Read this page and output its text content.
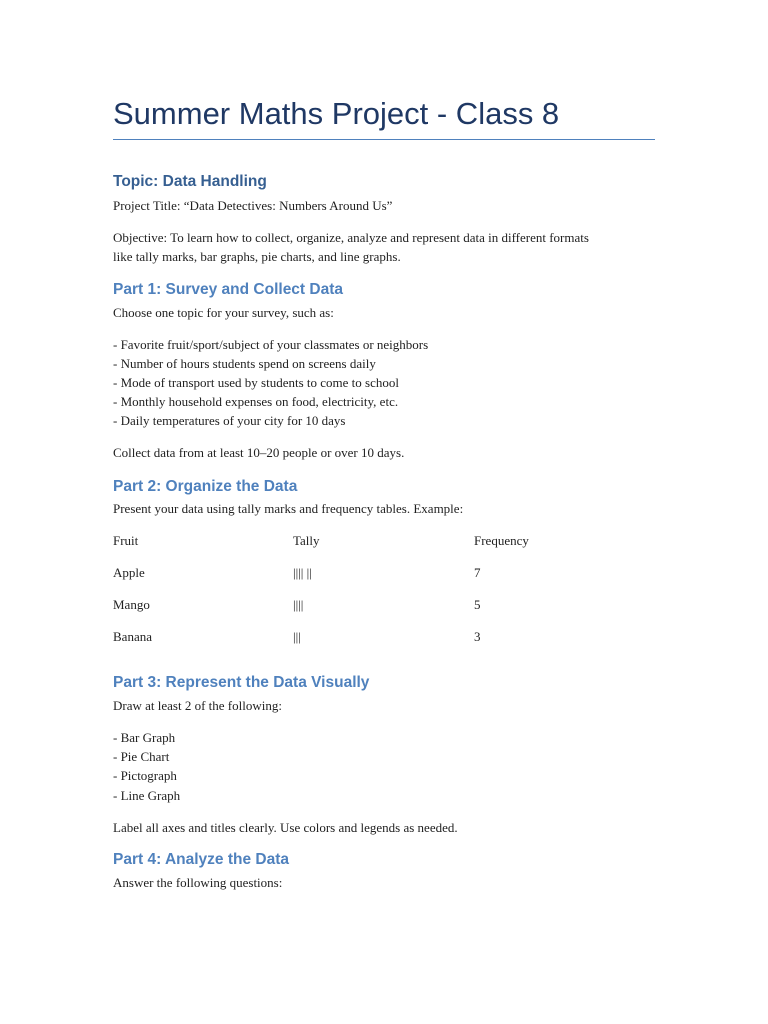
Summer Maths Project - Class 8
Topic: Data Handling

Project Title: “Data Detectives: Numbers Around Us”

Objective: To learn how to collect, organize, analyze and represent data in different formats

like tally marks, bar graphs, pie charts, and line graphs.

Part 1: Survey and Collect Data

Choose one topic for your survey, such as:

- Favorite fruit/sport/subject of your classmates or neighbors

- Number of hours students spend on screens daily

- Mode of transport used by students to come to school

- Monthly household expenses on food, electricity, etc.

- Daily temperatures of your city for 10 days

Collect data from at least 10–20 people or over 10 days.

Part 2: Organize the Data

Present your data using tally marks and frequency tables. Example:

Fruit	Tally	Frequency

Apple	|||| ||	7

Mango	||||	5

Banana	|||	3

Part 3: Represent the Data Visually

Draw at least 2 of the following:

- Bar Graph

- Pie Chart

- Pictograph

- Line Graph

Label all axes and titles clearly. Use colors and legends as needed.

Part 4: Analyze the Data

Answer the following questions:
